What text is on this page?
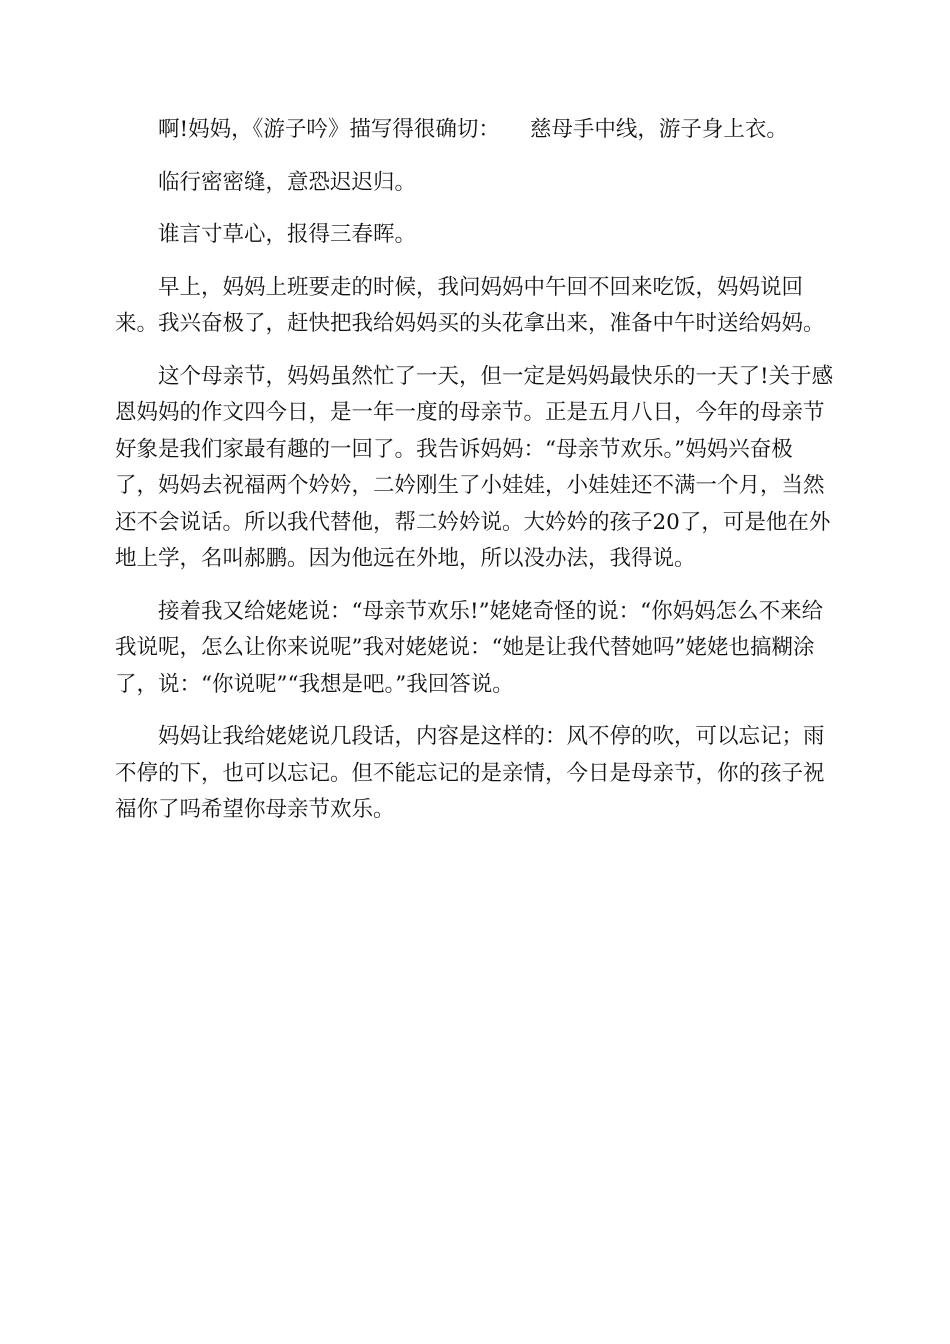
啊!妈妈，《游子吟》描写得很确切： 慈母手中线，游子身上衣。

临行密密缝，意恐迟迟归。

谁言寸草心，报得三春晖。

早上，妈妈上班要走的时候，我问妈妈中午回不回来吃饭，妈妈说回来。我兴奋极了，赶快把我给妈妈买的头花拿出来，准备中午时送给妈妈。

这个母亲节，妈妈虽然忙了一天，但一定是妈妈最快乐的一天了!关于感恩妈妈的作文四今日，是一年一度的母亲节。正是五月八日，今年的母亲节好象是我们家最有趣的一回了。我告诉妈妈：“母亲节欢乐。”妈妈兴奋极了，妈妈去祝福两个妗妗，二妗刚生了小娃娃，小娃娃还不满一个月，当然还不会说话。所以我代替他，帮二妗妗说。大妗妗的孩子20了，可是他在外地上学，名叫郝鹏。因为他远在外地，所以没办法，我得说。

接着我又给姥姥说：“母亲节欢乐!”姥姥奇怪的说：“你妈妈怎么不来给我说呢，怎么让你来说呢”我对姥姥说：“她是让我代替她吗”姥姥也搞糊涂了，说：“你说呢”“我想是吧。”我回答说。

妈妈让我给姥姥说几段话，内容是这样的：风不停的吹，可以忘记；雨不停的下，也可以忘记。但不能忘记的是亲情，今日是母亲节，你的孩子祝福你了吗希望你母亲节欢乐。
